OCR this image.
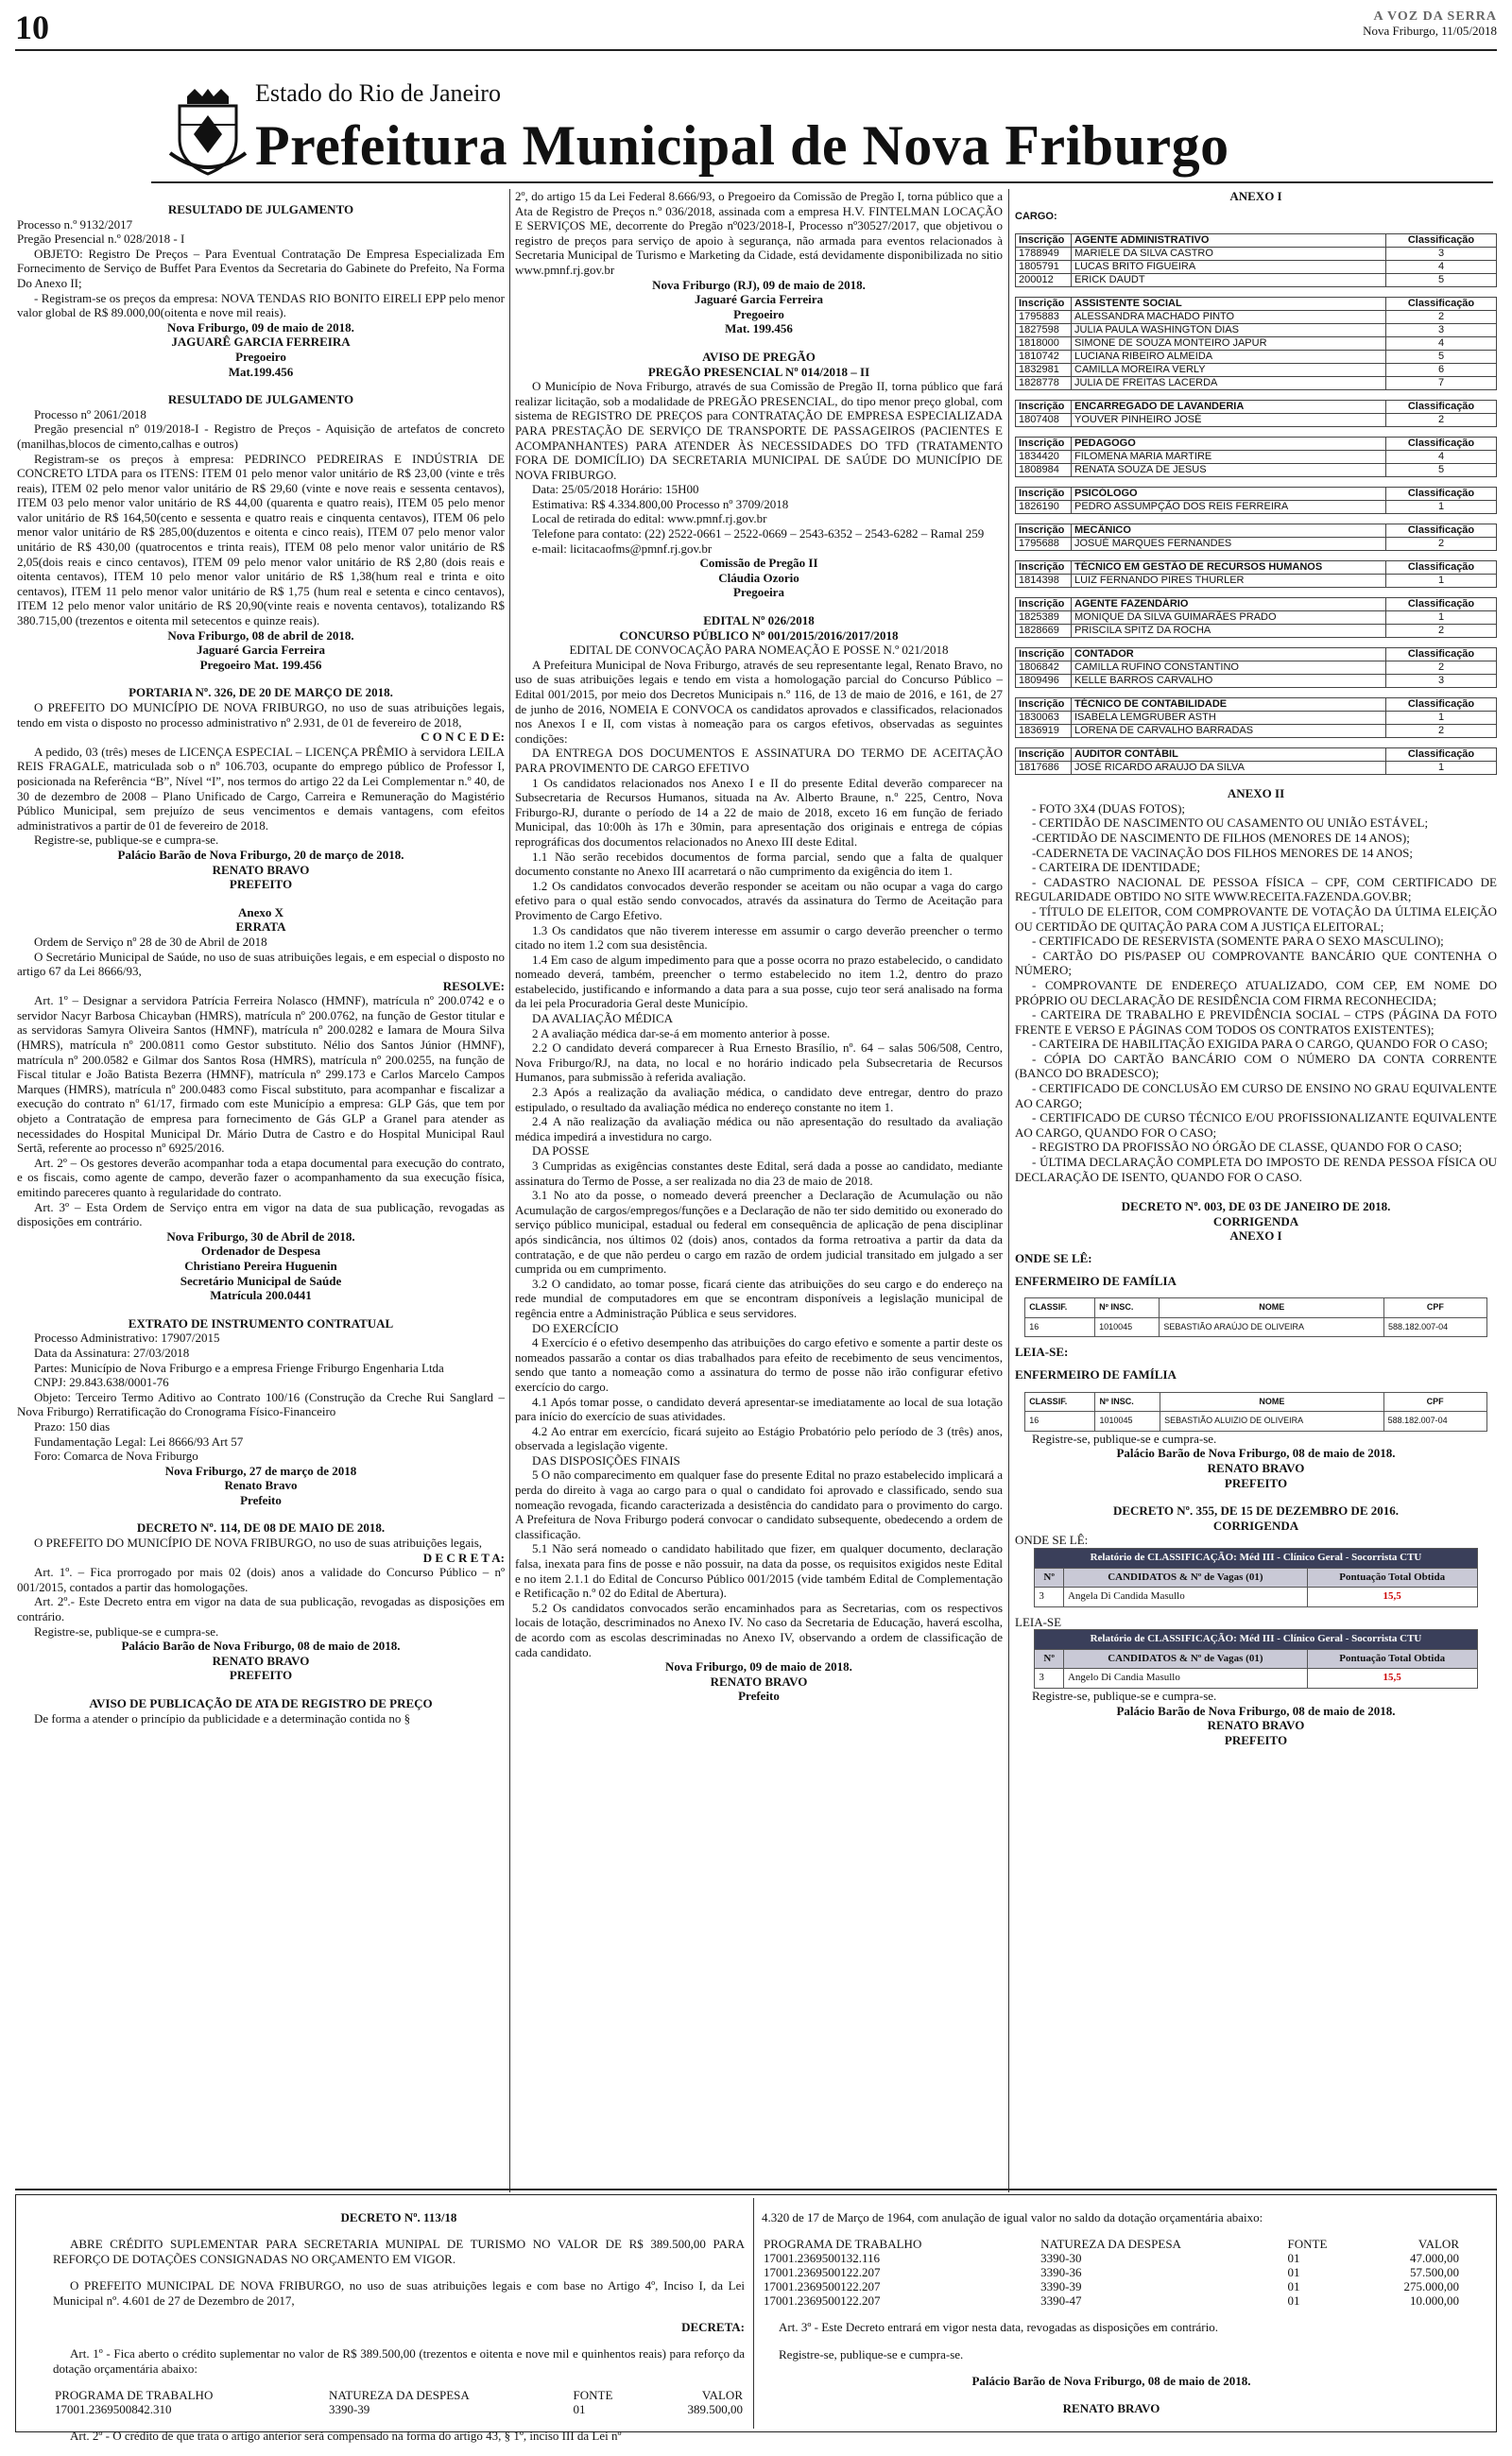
10	A VOZ DA SERRA
Nova Friburgo, 11/05/2018
Estado do Rio de Janeiro
Prefeitura Municipal de Nova Friburgo

RESULTADO DE JULGAMENTO

Processo n.º 9132/2017

Pregão Presencial n.º 028/2018 - I

OBJETO: Registro De Preços – Para Eventual Contratação De Empresa Especializada Em Fornecimento de Serviço de Buffet Para Eventos da Secretaria do Gabinete do Prefeito, Na Forma Do Anexo II;

- Registram-se os preços da empresa: NOVA TENDAS RIO BONITO EIRELI EPP pelo menor valor global de R$ 89.000,00(oitenta e nove mil reais).

Nova Friburgo, 09 de maio de 2018.

JAGUARÊ GARCIA FERREIRA

Pregoeiro

Mat.199.456

RESULTADO DE JULGAMENTO

Processo nº 2061/2018

Pregão presencial nº 019/2018-I - Registro de Preços - Aquisição de artefatos de concreto (manilhas,blocos de cimento,calhas e outros)

Registram-se os preços à empresa: PEDRINCO PEDREIRAS E INDÚSTRIA DE CONCRETO LTDA para os ITENS: ITEM 01 pelo menor valor unitário de R$ 23,00 (vinte e três reais), ITEM 02 pelo menor valor unitário de R$ 29,60 (vinte e nove reais e sessenta centavos), ITEM 03 pelo menor valor unitário de R$ 44,00 (quarenta e quatro reais), ITEM 05 pelo menor valor unitário de R$ 164,50(cento e sessenta e quatro reais e cinquenta centavos), ITEM 06 pelo menor valor unitário de R$ 285,00(duzentos e oitenta e cinco reais), ITEM 07 pelo menor valor unitário de R$ 430,00 (quatrocentos e trinta reais), ITEM 08 pelo menor valor unitário de R$ 2,05(dois reais e cinco centavos), ITEM 09 pelo menor valor unitário de R$ 2,80 (dois reais e oitenta centavos), ITEM 10 pelo menor valor unitário de R$ 1,38(hum real e trinta e oito centavos), ITEM 11 pelo menor valor unitário de R$ 1,75 (hum real e setenta e cinco centavos), ITEM 12 pelo menor valor unitário de R$ 20,90(vinte reais e noventa centavos), totalizando R$ 380.715,00 (trezentos e oitenta mil setecentos e quinze reais).

Nova Friburgo, 08 de abril de 2018.

Jaguaré Garcia Ferreira

Pregoeiro Mat. 199.456

PORTARIA Nº. 326, DE 20 DE MARÇO DE 2018.

O PREFEITO DO MUNICÍPIO DE NOVA FRIBURGO, no uso de suas atribuições legais, tendo em vista o disposto no processo administrativo nº 2.931, de 01 de fevereiro de 2018,

C O N C E D E:

A pedido, 03 (três) meses de LICENÇA ESPECIAL – LICENÇA PRÊMIO à servidora LEILA REIS FRAGALE, matriculada sob o nº 106.703, ocupante do emprego público de Professor I, posicionada na Referência “B”, Nível “I”, nos termos do artigo 22 da Lei Complementar n.º 40, de 30 de dezembro de 2008 – Plano Unificado de Cargo, Carreira e Remuneração do Magistério Público Municipal, sem prejuízo de seus vencimentos e demais vantagens, com efeitos administrativos a partir de 01 de fevereiro de 2018.

Registre-se, publique-se e cumpra-se.

Palácio Barão de Nova Friburgo, 20 de março de 2018.

RENATO BRAVO

PREFEITO

Anexo X

ERRATA

Ordem de Serviço nº 28 de 30 de Abril de 2018

O Secretário Municipal de Saúde, no uso de suas atribuições legais, e em especial o disposto no artigo 67 da Lei 8666/93,

RESOLVE:

Art. 1º – Designar a servidora Patrícia Ferreira Nolasco (HMNF), matrícula nº 200.0742 e o servidor Nacyr Barbosa Chicayban (HMRS), matrícula nº 200.0762, na função de Gestor titular e as servidoras Samyra Oliveira Santos (HMNF), matrícula nº 200.0282 e Iamara de Moura Silva (HMRS), matrícula nº 200.0811 como Gestor substituto. Nélio dos Santos Júnior (HMNF), matrícula nº 200.0582 e Gilmar dos Santos Rosa (HMRS), matrícula nº 200.0255, na função de Fiscal titular e João Batista Bezerra (HMNF), matrícula nº 299.173 e Carlos Marcelo Campos Marques (HMRS), matrícula nº 200.0483 como Fiscal substituto, para acompanhar e fiscalizar a execução do contrato nº 61/17, firmado com este Município a empresa: GLP Gás, que tem por objeto a Contratação de empresa para fornecimento de Gás GLP a Granel para atender as necessidades do Hospital Municipal Dr. Mário Dutra de Castro e do Hospital Municipal Raul Sertã, referente ao processo nº 6925/2016.

Art. 2º – Os gestores deverão acompanhar toda a etapa documental para execução do contrato, e os fiscais, como agente de campo, deverão fazer o acompanhamento da sua execução física, emitindo pareceres quanto à regularidade do contrato.

Art. 3º – Esta Ordem de Serviço entra em vigor na data de sua publicação, revogadas as disposições em contrário.

Nova Friburgo, 30 de Abril de 2018.

Ordenador de Despesa

Christiano Pereira Huguenin

Secretário Municipal de Saúde

Matrícula 200.0441

EXTRATO DE INSTRUMENTO CONTRATUAL

Processo Administrativo: 17907/2015

Data da Assinatura: 27/03/2018

Partes: Município de Nova Friburgo e a empresa Frienge Friburgo Engenharia Ltda

CNPJ: 29.843.638/0001-76

Objeto: Terceiro Termo Aditivo ao Contrato 100/16 (Construção da Creche Rui Sanglard – Nova Friburgo) Rerratificação do Cronograma Físico-Financeiro

Prazo: 150 dias

Fundamentação Legal: Lei 8666/93 Art 57

Foro: Comarca de Nova Friburgo

Nova Friburgo, 27 de março de 2018

Renato Bravo

Prefeito

DECRETO Nº. 114, DE 08 DE MAIO DE 2018.

O PREFEITO DO MUNICÍPIO DE NOVA FRIBURGO, no uso de suas atribuições legais,

D E C R E T A:

Art. 1º. – Fica prorrogado por mais 02 (dois) anos a validade do Concurso Público – nº 001/2015, contados a partir das homologações.

Art. 2º.- Este Decreto entra em vigor na data de sua publicação, revogadas as disposições em contrário.

Registre-se, publique-se e cumpra-se.

Palácio Barão de Nova Friburgo, 08 de maio de 2018.

RENATO BRAVO

PREFEITO

AVISO DE PUBLICAÇÃO DE ATA DE REGISTRO DE PREÇO

De forma a atender o princípio da publicidade e a determinação contida no §

2º, do artigo 15 da Lei Federal 8.666/93, o Pregoeiro da Comissão de Pregão I, torna público que a Ata de Registro de Preços n.º 036/2018, assinada com a empresa H.V. FINTELMAN LOCAÇÃO E SERVIÇOS ME, decorrente do Pregão nº023/2018-I, Processo nº30527/2017, que objetivou o registro de preços para serviço de apoio à segurança, não armada para eventos relacionados à Secretaria Municipal de Turismo e Marketing da Cidade, está devidamente disponibilizada no sitio www.pmnf.rj.gov.br

Nova Friburgo (RJ), 09 de maio de 2018.

Jaguaré Garcia Ferreira

Pregoeiro

Mat. 199.456

AVISO DE PREGÃO

PREGÃO PRESENCIAL Nº 014/2018 – II

O Município de Nova Friburgo, através de sua Comissão de Pregão II, torna público que fará realizar licitação, sob a modalidade de PREGÃO PRESENCIAL, do tipo menor preço global, com sistema de REGISTRO DE PREÇOS para CONTRATAÇÃO DE EMPRESA ESPECIALIZADA PARA PRESTAÇÃO DE SERVIÇO DE TRANSPORTE DE PASSAGEIROS (PACIENTES E ACOMPANHANTES) PARA ATENDER ÀS NECESSIDADES DO TFD (TRATAMENTO FORA DE DOMICÍLIO) DA SECRETARIA MUNICIPAL DE SAÚDE DO MUNICÍPIO DE NOVA FRIBURGO.

Data: 25/05/2018 Horário: 15H00

Estimativa: R$ 4.334.800,00 Processo nº 3709/2018

Local de retirada do edital: www.pmnf.rj.gov.br

Telefone para contato: (22) 2522-0661 – 2522-0669 – 2543-6352 – 2543-6282 – Ramal 259

e-mail: licitacaofms@pmnf.rj.gov.br

Comissão de Pregão II

Cláudia Ozorio

Pregoeira

EDITAL Nº 026/2018

CONCURSO PÚBLICO Nº 001/2015/2016/2017/2018

EDITAL DE CONVOCAÇÃO PARA NOMEAÇÃO E POSSE N.º 021/2018

A Prefeitura Municipal de Nova Friburgo, através de seu representante legal, Renato Bravo, no uso de suas atribuições legais e tendo em vista a homologação parcial do Concurso Público – Edital 001/2015, por meio dos Decretos Municipais n.º 116, de 13 de maio de 2016, e 161, de 27 de junho de 2016, NOMEIA E CONVOCA os candidatos aprovados e classificados, relacionados nos Anexos I e II, com vistas à nomeação para os cargos efetivos, observadas as seguintes condições:

DA ENTREGA DOS DOCUMENTOS E ASSINATURA DO TERMO DE ACEITAÇÃO PARA PROVIMENTO DE CARGO EFETIVO

1 Os candidatos relacionados nos Anexo I e II do presente Edital deverão comparecer na Subsecretaria de Recursos Humanos, situada na Av. Alberto Braune, n.º 225, Centro, Nova Friburgo-RJ, durante o período de 14 a 22 de maio de 2018, exceto 16 em função de feriado Municipal, das 10:00h às 17h e 30min, para apresentação dos originais e entrega de cópias reprográficas dos documentos relacionados no Anexo III deste Edital.

1.1 Não serão recebidos documentos de forma parcial, sendo que a falta de qualquer documento constante no Anexo III acarretará o não cumprimento da exigência do item 1.

1.2 Os candidatos convocados deverão responder se aceitam ou não ocupar a vaga do cargo efetivo para o qual estão sendo convocados, através da assinatura do Termo de Aceitação para Provimento de Cargo Efetivo.

1.3 Os candidatos que não tiverem interesse em assumir o cargo deverão preencher o termo citado no item 1.2 com sua desistência.

1.4 Em caso de algum impedimento para que a posse ocorra no prazo estabelecido, o candidato nomeado deverá, também, preencher o termo estabelecido no item 1.2, dentro do prazo estabelecido, justificando e informando a data para a sua posse, cujo teor será analisado na forma da lei pela Procuradoria Geral deste Município.

DA AVALIAÇÃO MÉDICA

2 A avaliação médica dar-se-á em momento anterior à posse.

2.2 O candidato deverá comparecer à Rua Ernesto Brasílio, nº. 64 – salas 506/508, Centro, Nova Friburgo/RJ, na data, no local e no horário indicado pela Subsecretaria de Recursos Humanos, para submissão à referida avaliação.

2.3 Após a realização da avaliação médica, o candidato deve entregar, dentro do prazo estipulado, o resultado da avaliação médica no endereço constante no item 1.

2.4 A não realização da avaliação médica ou não apresentação do resultado da avaliação médica impedirá a investidura no cargo.

DA POSSE

3 Cumpridas as exigências constantes deste Edital, será dada a posse ao candidato, mediante assinatura do Termo de Posse, a ser realizada no dia 23 de maio de 2018.

3.1 No ato da posse, o nomeado deverá preencher a Declaração de Acumulação ou não Acumulação de cargos/empregos/funções e a Declaração de não ter sido demitido ou exonerado do serviço público municipal, estadual ou federal em consequência de aplicação de pena disciplinar após sindicância, nos últimos 02 (dois) anos, contados da forma retroativa a partir da data da contratação, e de que não perdeu o cargo em razão de ordem judicial transitado em julgado a ser cumprida ou em cumprimento.

3.2 O candidato, ao tomar posse, ficará ciente das atribuições do seu cargo e do endereço na rede mundial de computadores em que se encontram disponíveis a legislação municipal de regência entre a Administração Pública e seus servidores.

DO EXERCÍCIO

4 Exercício é o efetivo desempenho das atribuições do cargo efetivo e somente a partir deste os nomeados passarão a contar os dias trabalhados para efeito de recebimento de seus vencimentos, sendo que tanto a nomeação como a assinatura do termo de posse não irão configurar efetivo exercício do cargo.

4.1 Após tomar posse, o candidato deverá apresentar-se imediatamente ao local de sua lotação para início do exercício de suas atividades.

4.2 Ao entrar em exercício, ficará sujeito ao Estágio Probatório pelo período de 3 (três) anos, observada a legislação vigente.

DAS DISPOSIÇÕES FINAIS

5 O não comparecimento em qualquer fase do presente Edital no prazo estabelecido implicará a perda do direito à vaga ao cargo para o qual o candidato foi aprovado e classificado, sendo sua nomeação revogada, ficando caracterizada a desistência do candidato para o provimento do cargo. A Prefeitura de Nova Friburgo poderá convocar o candidato subsequente, obedecendo a ordem de classificação.

5.1 Não será nomeado o candidato habilitado que fizer, em qualquer documento, declaração falsa, inexata para fins de posse e não possuir, na data da posse, os requisitos exigidos neste Edital e no item 2.1.1 do Edital de Concurso Público 001/2015 (vide também Edital de Complementação e Retificação n.º 02 do Edital de Abertura).

5.2 Os candidatos convocados serão encaminhados para as Secretarias, com os respectivos locais de lotação, descriminados no Anexo IV. No caso da Secretaria de Educação, haverá escolha, de acordo com as escolas descriminadas no Anexo IV, observando a ordem de classificação de cada candidato.

Nova Friburgo, 09 de maio de 2018.

RENATO BRAVO

Prefeito

ANEXO I

CARGO:
Inscrição	AGENTE ADMINISTRATIVO	Classificação
1788949	MARIELE DA SILVA CASTRO	3
1805791	LUCAS BRITO FIGUEIRA	4
200012	ERICK DAUDT	5
Inscrição	ASSISTENTE SOCIAL	Classificação
1795883	ALESSANDRA MACHADO PINTO	2
1827598	JULIA PAULA WASHINGTON DIAS	3
1818000	SIMONE DE SOUZA MONTEIRO JAPUR	4
1810742	LUCIANA RIBEIRO ALMEIDA	5
1832981	CAMILLA MOREIRA VERLY	6
1828778	JULIA DE FREITAS LACERDA	7
Inscrição	ENCARREGADO DE LAVANDERIA	Classificação
1807408	YOUVER PINHEIRO JOSÉ	2
Inscrição	PEDAGOGO	Classificação
1834420	FILOMENA MARIA MARTIRE	4
1808984	RENATA SOUZA DE JESUS	5
Inscrição	PSICÓLOGO	Classificação
1826190	PEDRO ASSUMPÇÃO DOS REIS FERREIRA	1
Inscrição	MECÂNICO	Classificação
1795688	JOSUÉ MARQUES FERNANDES	2
Inscrição	TÉCNICO EM GESTÃO DE RECURSOS HUMANOS	Classificação
1814398	LUIZ FERNANDO PIRES THURLER	1
Inscrição	AGENTE FAZENDÁRIO	Classificação
1825389	MONIQUE DA SILVA GUIMARÃES PRADO	1
1828669	PRISCILA SPITZ DA ROCHA	2
Inscrição	CONTADOR	Classificação
1806842	CAMILLA RUFINO CONSTANTINO	2
1809496	KELLE BARROS CARVALHO	3
Inscrição	TÉCNICO DE CONTABILIDADE	Classificação
1830063	ISABELA LEMGRUBER ASTH	1
1836919	LORENA DE CARVALHO BARRADAS	2
Inscrição	AUDITOR CONTÁBIL	Classificação
1817686	JOSÉ RICARDO ARAÚJO DA SILVA	1

ANEXO II

- FOTO 3X4 (DUAS FOTOS);

- CERTIDÃO DE NASCIMENTO OU CASAMENTO OU UNIÃO ESTÁVEL;

-CERTIDÃO DE NASCIMENTO DE FILHOS (MENORES DE 14 ANOS);

-CADERNETA DE VACINAÇÃO DOS FILHOS MENORES DE 14 ANOS;

- CARTEIRA DE IDENTIDADE;

- CADASTRO NACIONAL DE PESSOA FÍSICA – CPF, COM CERTIFICADO DE REGULARIDADE OBTIDO NO SITE WWW.RECEITA.FAZENDA.GOV.BR;

- TÍTULO DE ELEITOR, COM COMPROVANTE DE VOTAÇÃO DA ÚLTIMA ELEIÇÃO OU CERTIDÃO DE QUITAÇÃO PARA COM A JUSTIÇA ELEITORAL;

- CERTIFICADO DE RESERVISTA (SOMENTE PARA O SEXO MASCULINO);

- CARTÃO DO PIS/PASEP OU COMPROVANTE BANCÁRIO QUE CONTENHA O NÚMERO;

- COMPROVANTE DE ENDEREÇO ATUALIZADO, COM CEP, EM NOME DO PRÓPRIO OU DECLARAÇÃO DE RESIDÊNCIA COM FIRMA RECONHECIDA;

- CARTEIRA DE TRABALHO E PREVIDÊNCIA SOCIAL – CTPS (PÁGINA DA FOTO FRENTE E VERSO E PÁGINAS COM TODOS OS CONTRATOS EXISTENTES);

- CARTEIRA DE HABILITAÇÃO EXIGIDA PARA O CARGO, QUANDO FOR O CASO;

- CÓPIA DO CARTÃO BANCÁRIO COM O NÚMERO DA CONTA CORRENTE (BANCO DO BRADESCO);

- CERTIFICADO DE CONCLUSÃO EM CURSO DE ENSINO NO GRAU EQUIVALENTE AO CARGO;

- CERTIFICADO DE CURSO TÉCNICO E/OU PROFISSIONALIZANTE EQUIVALENTE AO CARGO, QUANDO FOR O CASO;

- REGISTRO DA PROFISSÃO NO ÓRGÃO DE CLASSE, QUANDO FOR O CASO;

- ÚLTIMA DECLARAÇÃO COMPLETA DO IMPOSTO DE RENDA PESSOA FÍSICA OU DECLARAÇÃO DE ISENTO, QUANDO FOR O CASO.

DECRETO Nº. 003, DE 03 DE JANEIRO DE 2018.

CORRIGENDA

ANEXO I

ONDE SE LÊ:

ENFERMEIRO DE FAMÍLIA

CLASSIF.	Nº INSC.	NOME	CPF
16	1010045	SEBASTIÃO ARAÚJO DE OLIVEIRA	588.182.007-04

LEIA-SE:

ENFERMEIRO DE FAMÍLIA

CLASSIF.	Nº INSC.	NOME	CPF
16	1010045	SEBASTIÃO ALUIZIO DE OLIVEIRA	588.182.007-04

Registre-se, publique-se e cumpra-se.

Palácio Barão de Nova Friburgo, 08 de maio de 2018.

RENATO BRAVO

PREFEITO

DECRETO Nº. 355, DE 15 DE DEZEMBRO DE 2016.

CORRIGENDA

ONDE SE LÊ:

Relatório de CLASSIFICAÇÃO: Méd III - Clínico Geral - Socorrista CTU		
Nº	CANDIDATOS & Nº de Vagas (01)	Pontuação Total Obtida
3	Angela Di Candida Masullo	15,5

LEIA-SE

Relatório de CLASSIFICAÇÃO: Méd III - Clínico Geral - Socorrista CTU		
Nº	CANDIDATOS & Nº de Vagas (01)	Pontuação Total Obtida
3	Angelo Di Candia Masullo	15,5

Registre-se, publique-se e cumpra-se.

Palácio Barão de Nova Friburgo, 08 de maio de 2018.

RENATO BRAVO

PREFEITO

DECRETO Nº. 113/18

ABRE CRÉDITO SUPLEMENTAR PARA SECRETARIA MUNIPAL DE TURISMO NO VALOR DE R$ 389.500,00 PARA REFORÇO DE DOTAÇÕES CONSIGNADAS NO ORÇAMENTO EM VIGOR.

O PREFEITO MUNICIPAL DE NOVA FRIBURGO, no uso de suas atribuições legais e com base no Artigo 4º, Inciso I, da Lei Municipal nº. 4.601 de 27 de Dezembro de 2017,

DECRETA:

Art. 1º - Fica aberto o crédito suplementar no valor de R$ 389.500,00 (trezentos e oitenta e nove mil e quinhentos reais) para reforço da dotação orçamentária abaixo:

PROGRAMA DE TRABALHO	NATUREZA DA DESPESA	FONTE	VALOR
17001.2369500842.310	3390-39	01	389.500,00

Art. 2º - O crédito de que trata o artigo anterior será compensado na forma do artigo 43, § 1º, inciso III da Lei nº

4.320 de 17 de Março de 1964, com anulação de igual valor no saldo da dotação orçamentária abaixo:

PROGRAMA DE TRABALHO	NATUREZA DA DESPESA	FONTE	VALOR
17001.2369500132.116	3390-30	01	47.000,00
17001.2369500122.207	3390-36	01	57.500,00
17001.2369500122.207	3390-39	01	275.000,00
17001.2369500122.207	3390-47	01	10.000,00

Art. 3º - Este Decreto entrará em vigor nesta data, revogadas as disposições em contrário.

Registre-se, publique-se e cumpra-se.

Palácio Barão de Nova Friburgo, 08 de maio de 2018.

RENATO BRAVO
